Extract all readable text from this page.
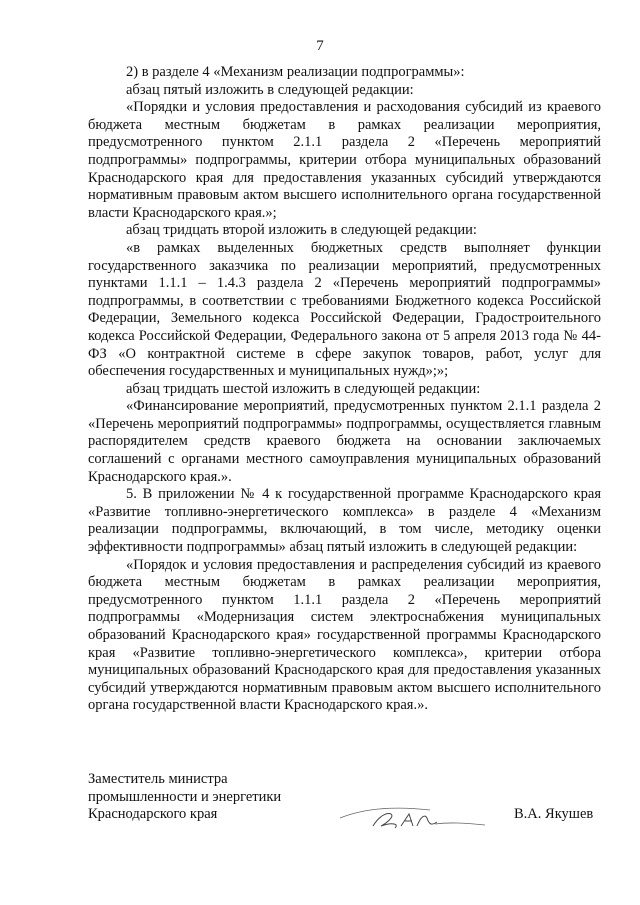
7

2) в разделе 4 «Механизм реализации подпрограммы»:

абзац пятый изложить в следующей редакции:

«Порядки и условия предоставления и расходования субсидий из краевого бюджета местным бюджетам в рамках реализации мероприятия, предусмотренного пунктом 2.1.1 раздела 2 «Перечень мероприятий подпрограммы» подпрограммы, критерии отбора муниципальных образований Краснодарского края для предоставления указанных субсидий утверждаются нормативным правовым актом высшего исполнительного органа государственной власти Краснодарского края.»;

абзац тридцать второй изложить в следующей редакции:

«в рамках выделенных бюджетных средств выполняет функции государственного заказчика по реализации мероприятий, предусмотренных пунктами 1.1.1 – 1.4.3 раздела 2 «Перечень мероприятий подпрограммы» подпрограммы, в соответствии с требованиями Бюджетного кодекса Российской Федерации, Земельного кодекса Российской Федерации, Градостроительного кодекса Российской Федерации, Федерального закона от 5 апреля 2013 года № 44-ФЗ «О контрактной системе в сфере закупок товаров, работ, услуг для обеспечения государственных и муниципальных нужд»;»;

абзац тридцать шестой изложить в следующей редакции:

«Финансирование мероприятий, предусмотренных пунктом 2.1.1 раздела 2 «Перечень мероприятий подпрограммы» подпрограммы, осуществляется главным распорядителем средств краевого бюджета на основании заключаемых соглашений с органами местного самоуправления муниципальных образований Краснодарского края.».

5. В приложении № 4 к государственной программе Краснодарского края «Развитие топливно-энергетического комплекса» в разделе 4 «Механизм реализации подпрограммы, включающий, в том числе, методику оценки эффективности подпрограммы» абзац пятый изложить в следующей редакции:

«Порядок и условия предоставления и распределения субсидий из краевого бюджета местным бюджетам в рамках реализации мероприятия, предусмотренного пунктом 1.1.1 раздела 2 «Перечень мероприятий подпрограммы «Модернизация систем электроснабжения муниципальных образований Краснодарского края» государственной программы Краснодарского края «Развитие топливно-энергетического комплекса», критерии отбора муниципальных образований Краснодарского края для предоставления указанных субсидий утверждаются нормативным правовым актом высшего исполнительного органа государственной власти Краснодарского края.».

Заместитель министра
промышленности и энергетики
Краснодарского края	В.А. Якушев
